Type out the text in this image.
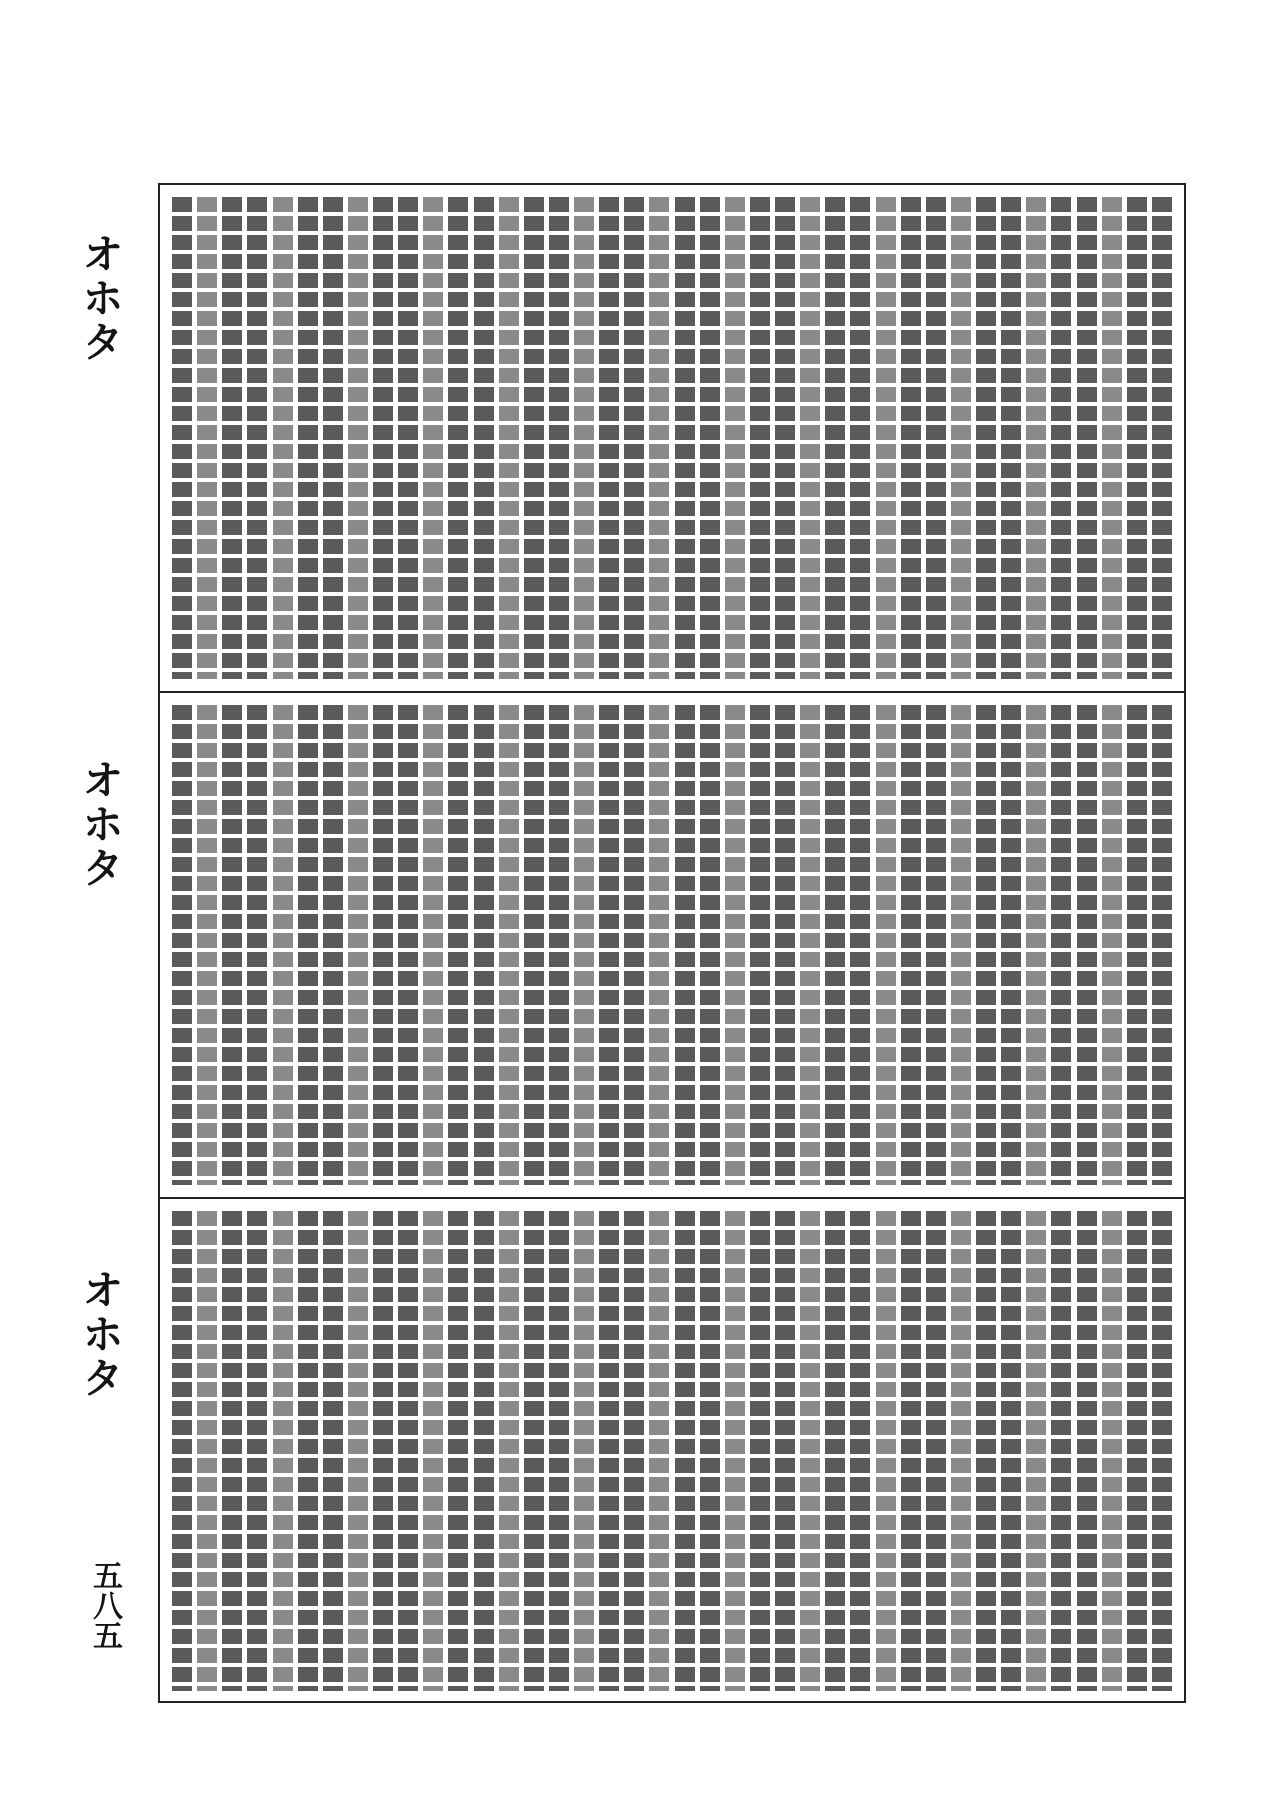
オホタ
オホタ
オホタ
五八五
